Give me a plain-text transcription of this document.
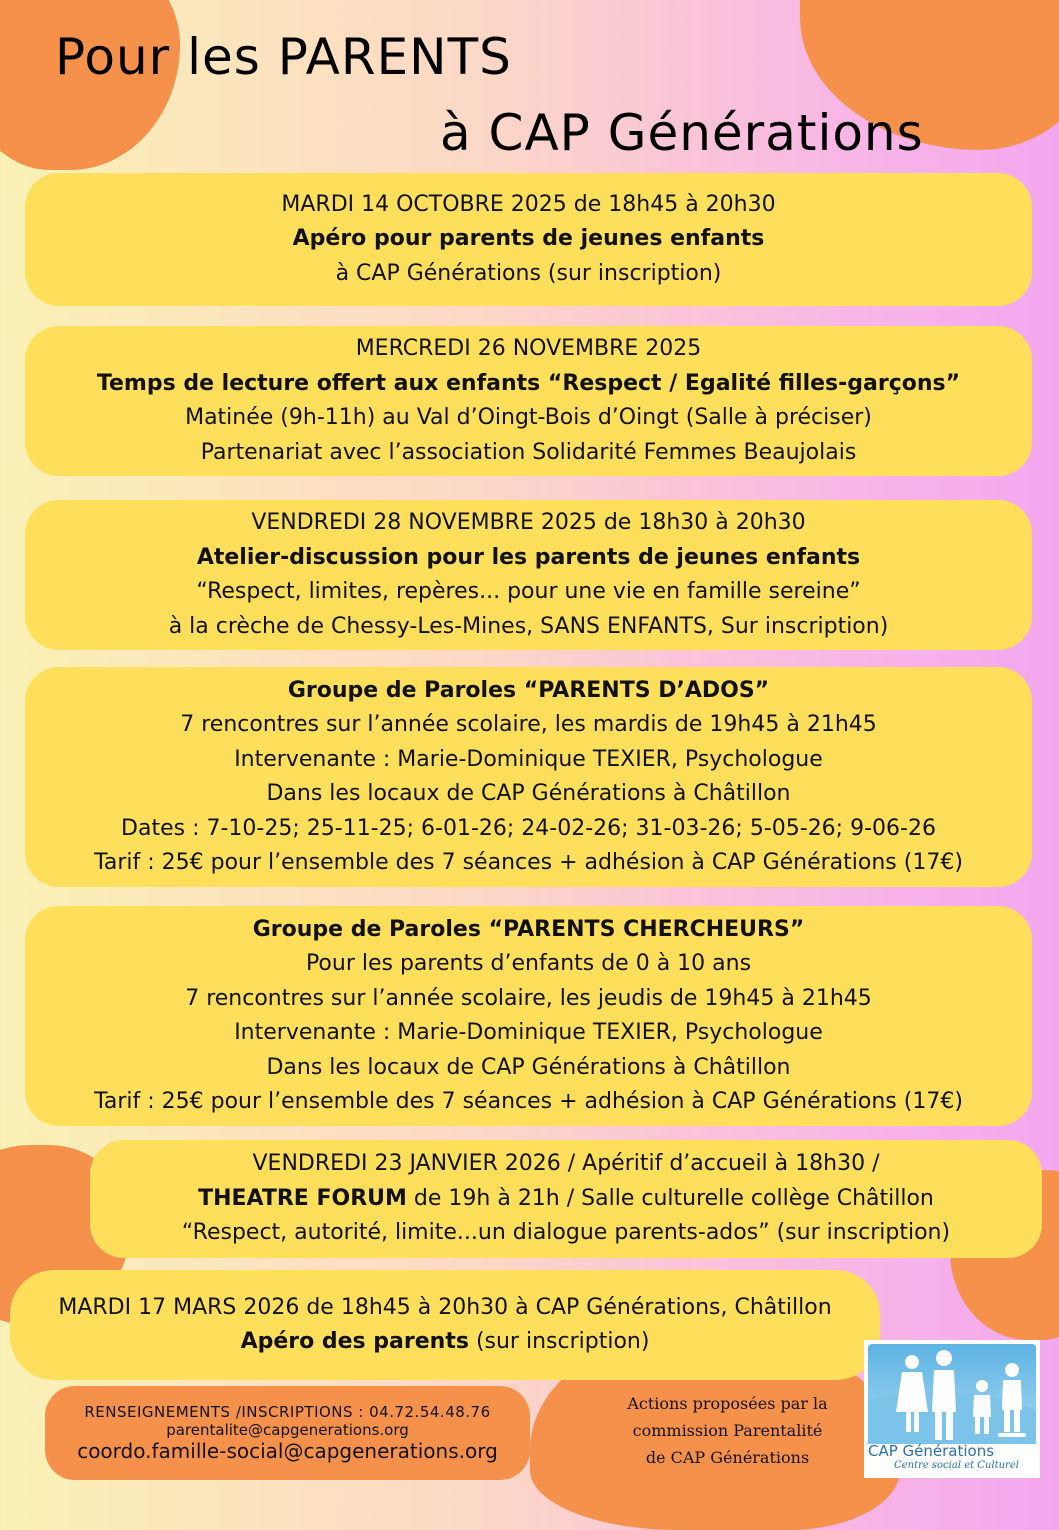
Pour les PARENTS
à CAP Générations
MARDI 14 OCTOBRE 2025 de 18h45 à 20h30
Apéro pour parents de jeunes enfants
à CAP Générations (sur inscription)
MERCREDI 26 NOVEMBRE 2025
Temps de lecture offert aux enfants “Respect / Egalité filles-garçons”
Matinée (9h-11h) au Val d’Oingt-Bois d’Oingt (Salle à préciser)
Partenariat avec l’association Solidarité Femmes Beaujolais
VENDREDI 28 NOVEMBRE 2025 de 18h30 à 20h30
Atelier-discussion pour les parents de jeunes enfants
“Respect, limites, repères... pour une vie en famille sereine”
à la crèche de Chessy-Les-Mines, SANS ENFANTS, Sur inscription)
Groupe de Paroles “PARENTS D’ADOS”
7 rencontres sur l’année scolaire, les mardis de 19h45 à 21h45
Intervenante : Marie-Dominique TEXIER, Psychologue
Dans les locaux de CAP Générations à Châtillon
Dates : 7-10-25; 25-11-25; 6-01-26; 24-02-26; 31-03-26; 5-05-26; 9-06-26
Tarif : 25€ pour l’ensemble des 7 séances + adhésion à CAP Générations (17€)
Groupe de Paroles “PARENTS CHERCHEURS”
Pour les parents d’enfants de 0 à 10 ans
7 rencontres sur l’année scolaire, les jeudis de 19h45 à 21h45
Intervenante : Marie-Dominique TEXIER, Psychologue
Dans les locaux de CAP Générations à Châtillon
Tarif : 25€ pour l’ensemble des 7 séances + adhésion à CAP Générations (17€)
VENDREDI 23 JANVIER 2026 / Apéritif d’accueil à 18h30 /
THEATRE FORUM de 19h à 21h / Salle culturelle collège Châtillon
“Respect, autorité, limite...un dialogue parents-ados” (sur inscription)
MARDI 17 MARS 2026 de 18h45 à 20h30 à CAP Générations, Châtillon
Apéro des parents (sur inscription)
RENSEIGNEMENTS /INSCRIPTIONS : 04.72.54.48.76
parentalite@capgenerations.org
coordo.famille-social@capgenerations.org
Actions proposées par la
commission Parentalité
de CAP Générations	CAP Générations
Centre social et Culturel
